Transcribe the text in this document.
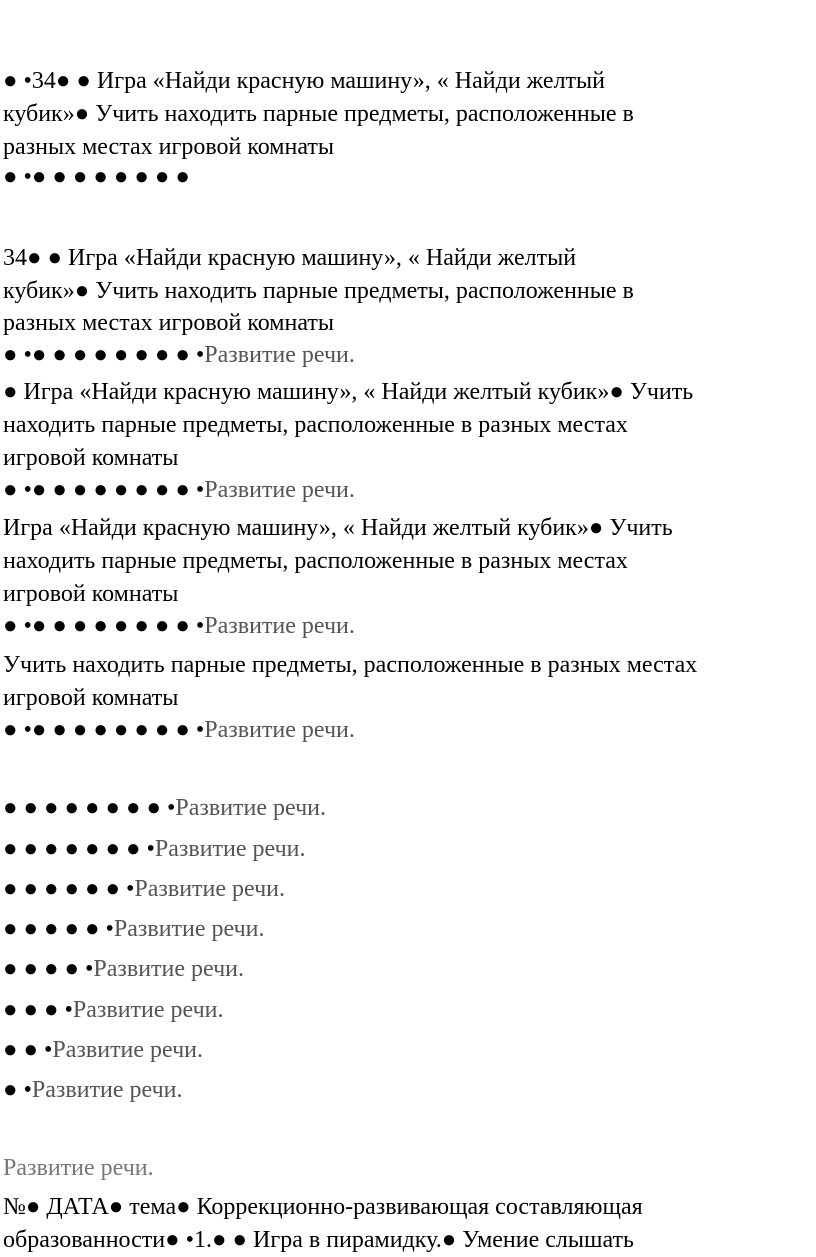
● •34● ● Игра «Найди красную машину», « Найди желтый
кубик»● Учить находить парные предметы, расположенные в
разных местах игровой комнаты
● •● ● ● ● ● ● ● ●
34● ● Игра «Найди красную машину», « Найди желтый
кубик»● Учить находить парные предметы, расположенные в
разных местах игровой комнаты
● •● ● ● ● ● ● ● ● •Развитие речи.
● Игра «Найди красную машину», « Найди желтый кубик»● Учить
находить парные предметы, расположенные в разных местах
игровой комнаты
● •● ● ● ● ● ● ● ● •Развитие речи.
Игра «Найди красную машину», « Найди желтый кубик»● Учить
находить парные предметы, расположенные в разных местах
игровой комнаты
● •● ● ● ● ● ● ● ● •Развитие речи.
Учить находить парные предметы, расположенные в разных местах
игровой комнаты
● •● ● ● ● ● ● ● ● •Развитие речи.
● ● ● ● ● ● ● ● •Развитие речи.
● ● ● ● ● ● ● •Развитие речи.
● ● ● ● ● ● •Развитие речи.
● ● ● ● ● •Развитие речи.
● ● ● ● •Развитие речи.
● ● ● •Развитие речи.
● ● •Развитие речи.
● •Развитие речи.
Развитие речи.
№● ДАТА● тема● Коррекционно-развивающая составляющая
образованности● •1.● ● Игра в пирамидку.● Умение слышать
